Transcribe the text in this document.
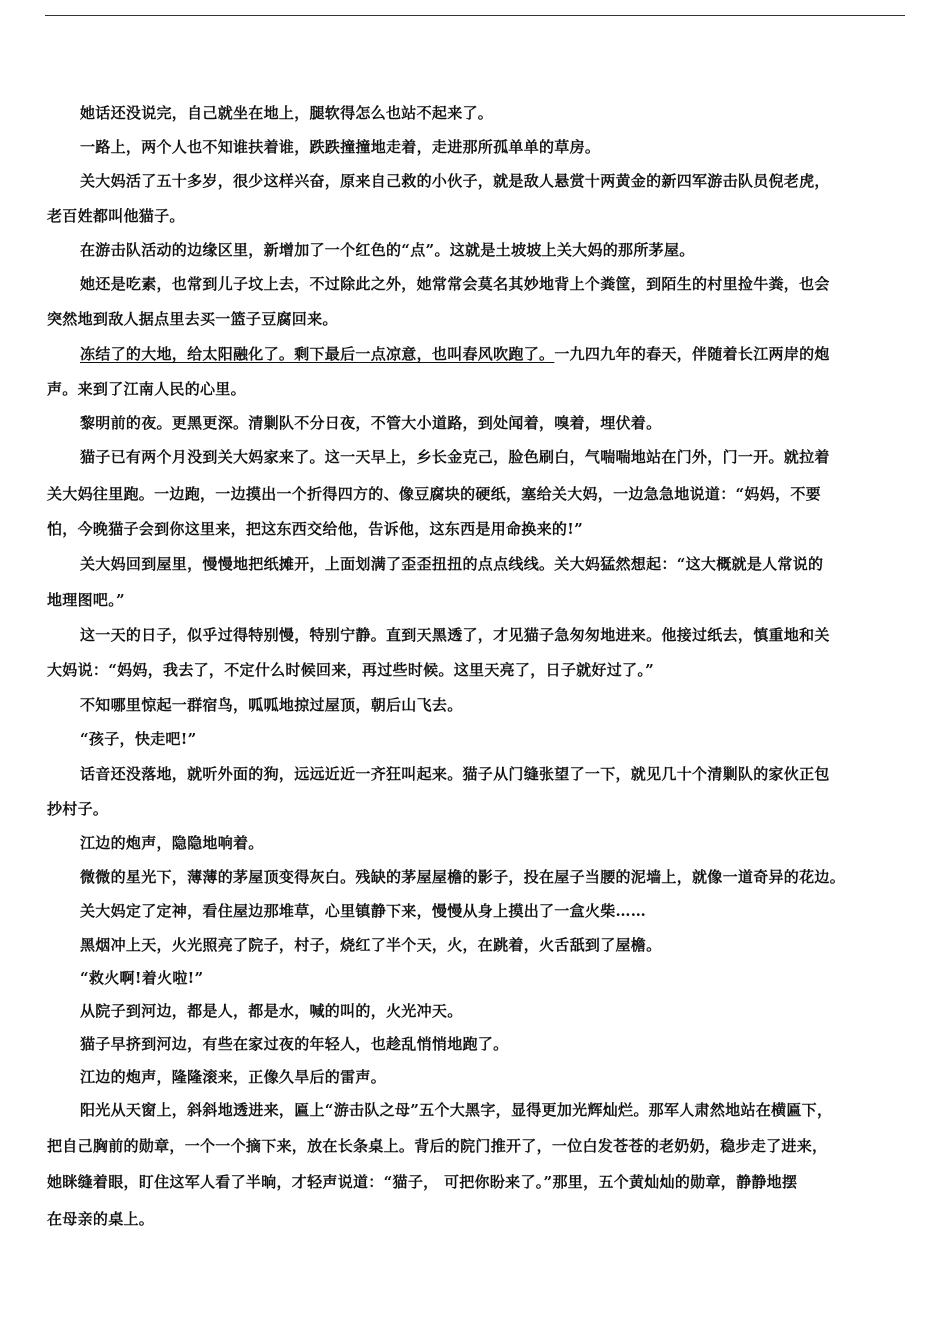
她话还没说完，自己就坐在地上，腿软得怎么也站不起来了。
一路上，两个人也不知谁扶着谁，跌跌撞撞地走着，走进那所孤单单的草房。
关大妈活了五十多岁，很少这样兴奋，原来自己救的小伙子，就是敌人悬赏十两黄金的新四军游击队员倪老虎，
老百姓都叫他猫子。
在游击队活动的边缘区里，新增加了一个红色的“点”。这就是土坡坡上关大妈的那所茅屋。
她还是吃素，也常到儿子坟上去，不过除此之外，她常常会莫名其妙地背上个粪筐，到陌生的村里捡牛粪，也会
突然地到敌人据点里去买一篮子豆腐回来。
冻结了的大地，给太阳融化了。剩下最后一点凉意，也叫春风吹跑了。一九四九年的春天，伴随着长江两岸的炮
声。来到了江南人民的心里。
黎明前的夜。更黑更深。清剿队不分日夜，不管大小道路，到处闻着，嗅着，埋伏着。
猫子已有两个月没到关大妈家来了。这一天早上，乡长金克己，脸色刷白，气喘喘地站在门外，门一开。就拉着
关大妈往里跑。一边跑，一边摸出一个折得四方的、像豆腐块的硬纸，塞给关大妈，一边急急地说道：“妈妈，不要
怕，今晚猫子会到你这里来，把这东西交给他，告诉他，这东西是用命换来的!”
关大妈回到屋里，慢慢地把纸摊开，上面划满了歪歪扭扭的点点线线。关大妈猛然想起：“这大概就是人常说的
地理图吧。”
这一天的日子，似乎过得特别慢，特别宁静。直到天黑透了，才见猫子急匆匆地进来。他接过纸去，慎重地和关
大妈说：“妈妈，我去了，不定什么时候回来，再过些时候。这里天亮了，日子就好过了。”
不知哪里惊起一群宿鸟，呱呱地掠过屋顶，朝后山飞去。
“孩子，快走吧!”
话音还没落地，就听外面的狗，远远近近一齐狂叫起来。猫子从门缝张望了一下，就见几十个清剿队的家伙正包
抄村子。
江边的炮声，隐隐地响着。
微微的星光下，薄薄的茅屋顶变得灰白。残缺的茅屋屋檐的影子，投在屋子当腰的泥墙上，就像一道奇异的花边。
关大妈定了定神，看住屋边那堆草，心里镇静下来，慢慢从身上摸出了一盒火柴……
黑烟冲上天，火光照亮了院子，村子，烧红了半个天，火，在跳着，火舌舐到了屋檐。
“救火啊!着火啦!”
从院子到河边，都是人，都是水，喊的叫的，火光冲天。
猫子早挤到河边，有些在家过夜的年轻人，也趁乱悄悄地跑了。
江边的炮声，隆隆滚来，正像久旱后的雷声。
阳光从天窗上，斜斜地透进来，匾上“游击队之母”五个大黑字，显得更加光辉灿烂。那军人肃然地站在横匾下，
把自己胸前的勋章，一个一个摘下来，放在长条桌上。背后的院门推开了，一位白发苍苍的老奶奶，稳步走了进来，
她眯缝着眼，盯住这军人看了半晌，才轻声说道：“猫子， 可把你盼来了。”那里，五个黄灿灿的勋章，静静地摆
在母亲的桌上。
